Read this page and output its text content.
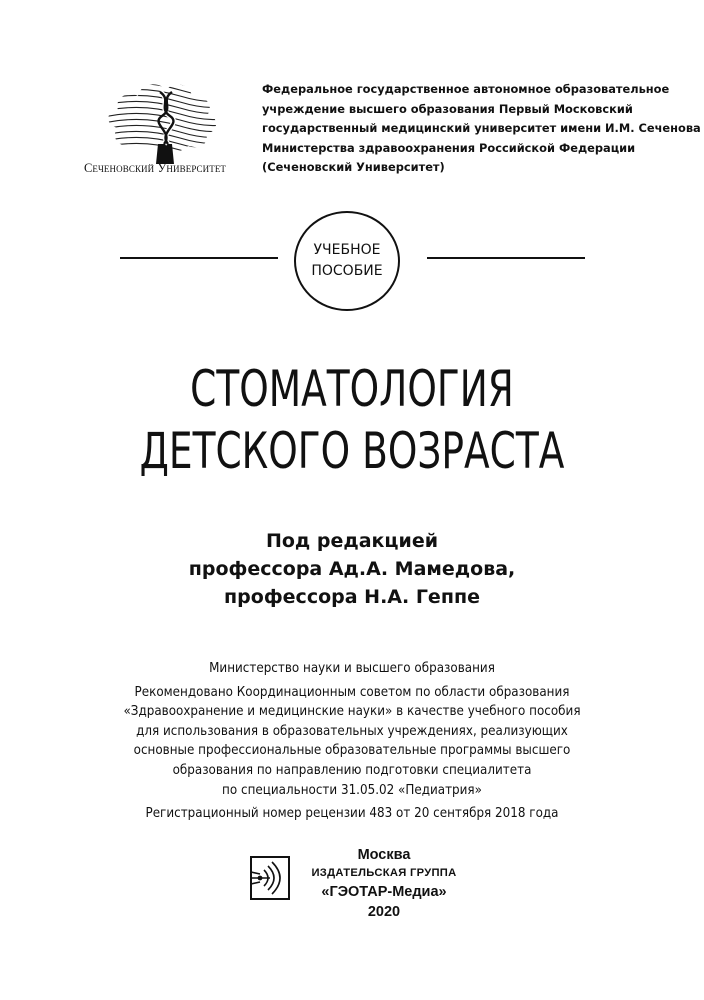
Сеченовский Университет
Федеральное государственное автономное образовательное
учреждение высшего образования Первый Московский
государственный медицинский университет имени И.М. Сеченова
Министерства здравоохранения Российской Федерации
(Сеченовский Университет)
УЧЕБНОЕ
ПОСОБИЕ
СТОМАТОЛОГИЯ
ДЕТСКОГО ВОЗРАСТА
Под редакцией
профессора Ад.А. Мамедова,
профессора Н.А. Геппе
Министерство науки и высшего образования
Рекомендовано Координационным советом по области образования
«Здравоохранение и медицинские науки» в качестве учебного пособия
для использования в образовательных учреждениях, реализующих
основные профессиональные образовательные программы высшего
образования по направлению подготовки специалитета
по специальности 31.05.02 «Педиатрия»
Регистрационный номер рецензии 483 от 20 сентября 2018 года
Москва
ИЗДАТЕЛЬСКАЯ ГРУППА
«ГЭОТАР-Медиа»
2020
